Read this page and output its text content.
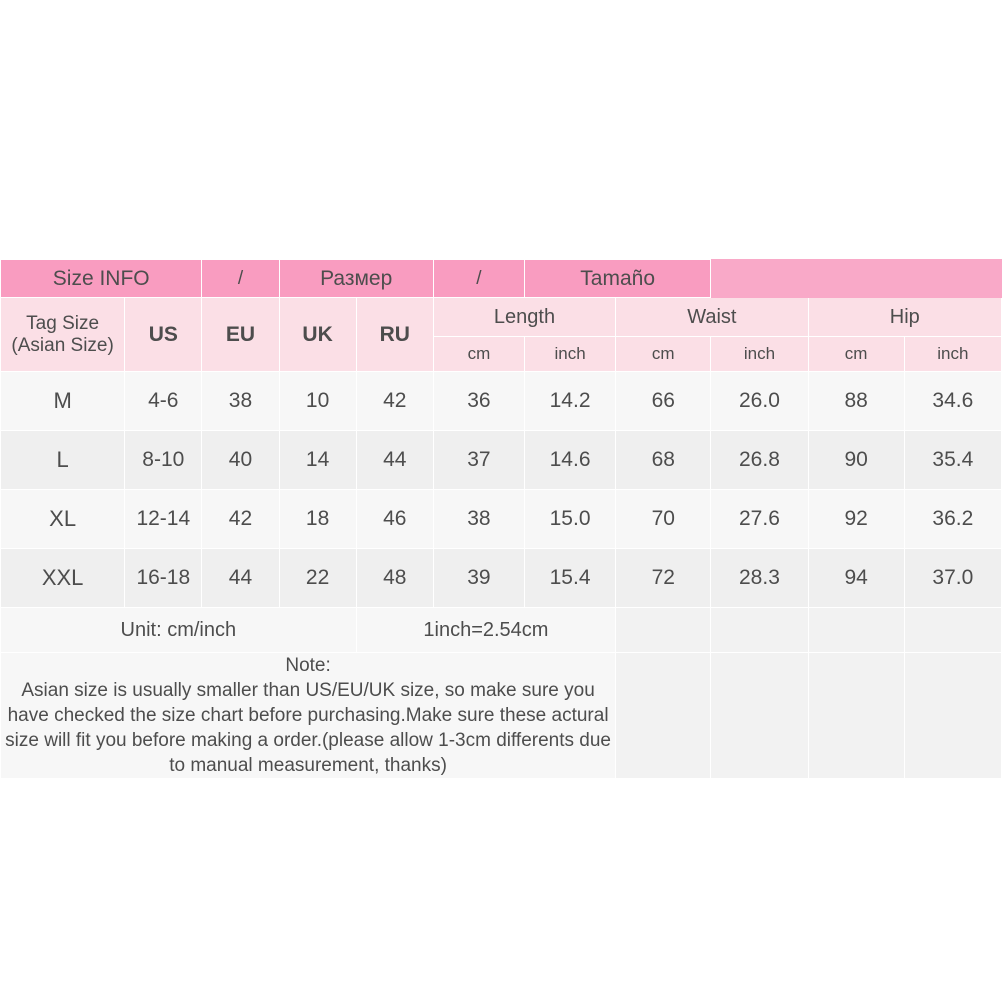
Size INFO		/	Размер		/	Tamaño				

Tag Size
(Asian Size)	US	EU	UK	RU	Length		Waist		Hip	
					cm	inch	cm	inch	cm	inch
M	4-6	38	10	42	36	14.2	66	26.0	88	34.6
L	8-10	40	14	44	37	14.6	68	26.8	90	35.4
XL	12-14	42	18	46	38	15.0	70	27.6	92	36.2
XXL	16-18	44	22	48	39	15.4	72	28.3	94	37.0
Unit: cm/inch				1inch=2.54cm						

Note:
Asian size is usually smaller than US/EU/UK size, so make sure you have checked the size chart before purchasing.Make sure these actural size will fit you before making a order.(please allow 1-3cm differents due to manual measurement, thanks)										
